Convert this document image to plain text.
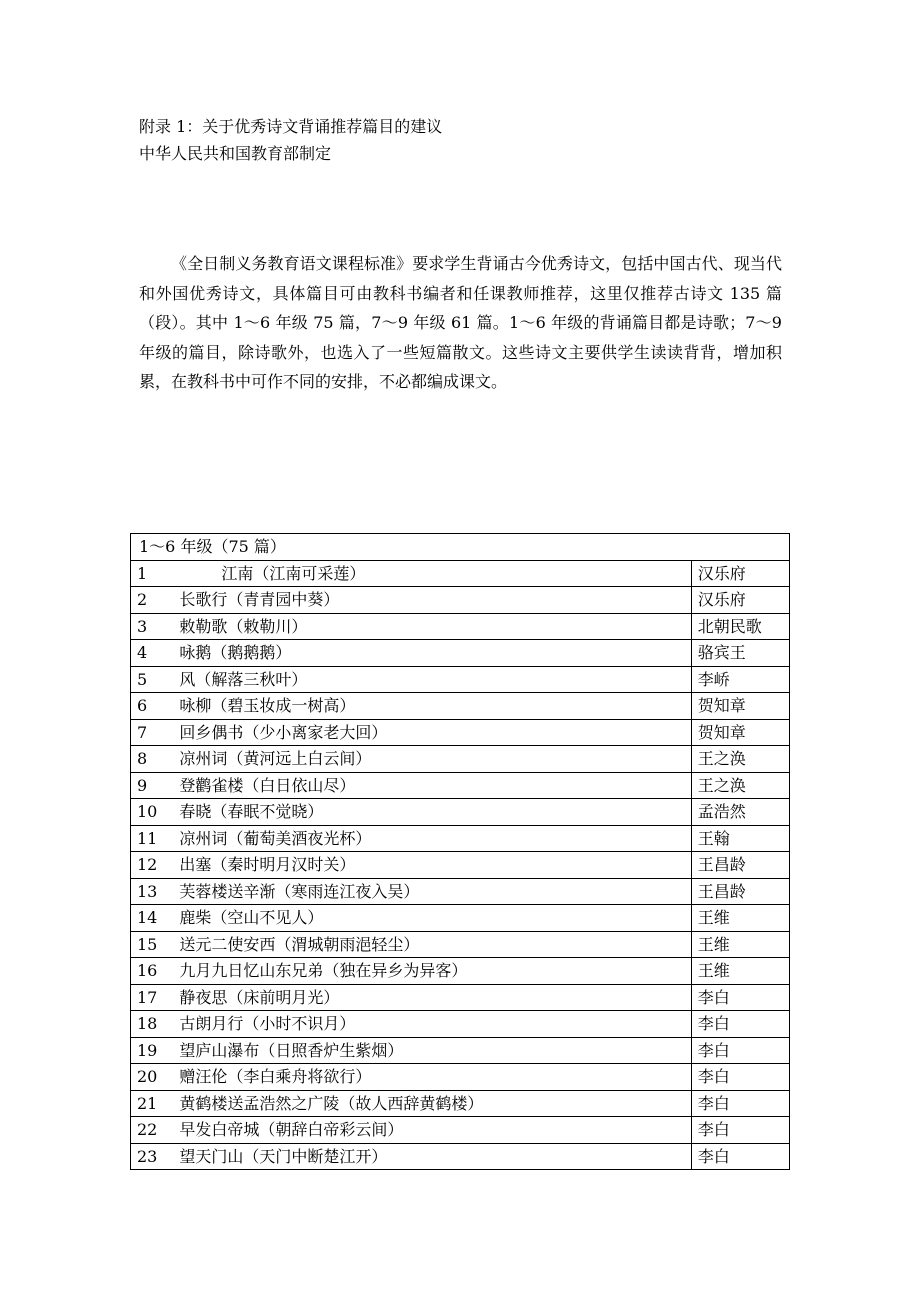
附录 1：关于优秀诗文背诵推荐篇目的建议
中华人民共和国教育部制定

《全日制义务教育语文课程标准》要求学生背诵古今优秀诗文，包括中国古代、现当代和外国优秀诗文，具体篇目可由教科书编者和任课教师推荐，这里仅推荐古诗文 135 篇（段）。其中 1～6 年级 75 篇，7～9 年级 61 篇。1～6 年级的背诵篇目都是诗歌；7～9 年级的篇目，除诗歌外，也选入了一些短篇散文。这些诗文主要供学生读读背背，增加积累，在教科书中可作不同的安排，不必都编成课文。

1～6 年级（75 篇）		
1	江南（江南可采莲）	汉乐府
2	长歌行（青青园中葵）	汉乐府
3	敕勒歌（敕勒川）	北朝民歌
4	咏鹅（鹅鹅鹅）	骆宾王
5	风（解落三秋叶）	李峤
6	咏柳（碧玉妆成一树高）	贺知章
7	回乡偶书（少小离家老大回）	贺知章
8	凉州词（黄河远上白云间）	王之涣
9	登鹳雀楼（白日依山尽）	王之涣
10	春晓（春眠不觉晓）	孟浩然
11	凉州词（葡萄美酒夜光杯）	王翰
12	出塞（秦时明月汉时关）	王昌龄
13	芙蓉楼送辛渐（寒雨连江夜入吴）	王昌龄
14	鹿柴（空山不见人）	王维
15	送元二使安西（渭城朝雨浥轻尘）	王维
16	九月九日忆山东兄弟（独在异乡为异客）	王维
17	静夜思（床前明月光）	李白
18	古朗月行（小时不识月）	李白
19	望庐山瀑布（日照香炉生紫烟）	李白
20	赠汪伦（李白乘舟将欲行）	李白
21	黄鹤楼送孟浩然之广陵（故人西辞黄鹤楼）	李白
22	早发白帝城（朝辞白帝彩云间）	李白
23	望天门山（天门中断楚江开）	李白
